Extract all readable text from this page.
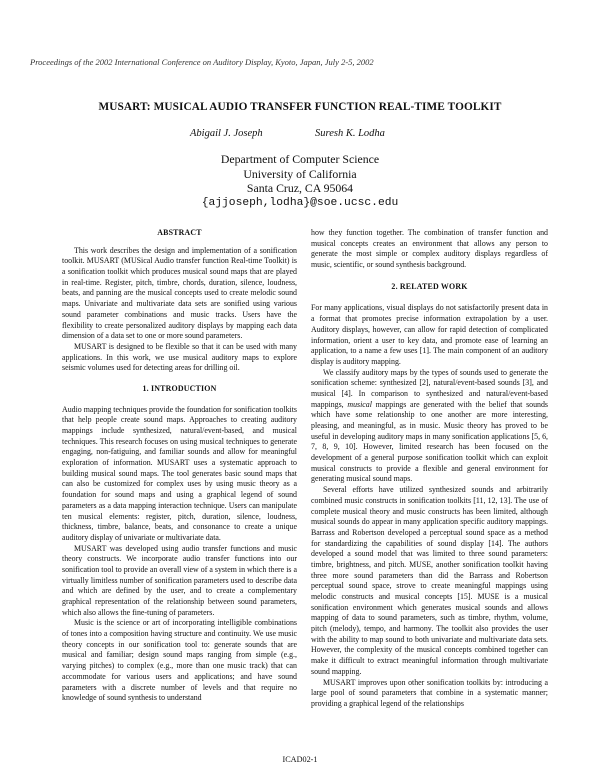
Proceedings of the 2002 International Conference on Auditory Display, Kyoto, Japan, July 2-5, 2002
MUSART: MUSICAL AUDIO TRANSFER FUNCTION REAL-TIME TOOLKIT
Abigail J. Joseph	Suresh K. Lodha
Department of Computer Science
University of California
Santa Cruz, CA 95064
{ajjoseph,lodha}@soe.ucsc.edu
ABSTRACT

This work describes the design and implementation of a sonification toolkit. MUSART (MUSical Audio transfer function Real-time Toolkit) is a sonification toolkit which produces musical sound maps that are played in real-time. Register, pitch, timbre, chords, duration, silence, loudness, beats, and panning are the musical concepts used to create melodic sound maps. Univariate and multivariate data sets are sonified using various sound parameter combinations and music tracks. Users have the flexibility to create personalized auditory displays by mapping each data dimension of a data set to one or more sound parameters.

MUSART is designed to be flexible so that it can be used with many applications. In this work, we use musical auditory maps to explore seismic volumes used for detecting areas for drilling oil.

1. INTRODUCTION

Audio mapping techniques provide the foundation for sonification toolkits that help people create sound maps. Approaches to creating auditory mappings include synthesized, natural/event-based, and musical techniques. This research focuses on using musical techniques to generate engaging, non-fatiguing, and familiar sounds and allow for meaningful exploration of information. MUSART uses a systematic approach to building musical sound maps. The tool generates basic sound maps that can also be customized for complex uses by using music theory as a foundation for sound maps and using a graphical legend of sound parameters as a data mapping interaction technique. Users can manipulate ten musical elements: register, pitch, duration, silence, loudness, thickness, timbre, balance, beats, and consonance to create a unique auditory display of univariate or multivariate data.

MUSART was developed using audio transfer functions and music theory constructs. We incorporate audio transfer functions into our sonification tool to provide an overall view of a system in which there is a virtually limitless number of sonification parameters used to describe data and which are defined by the user, and to create a complementary graphical representation of the relationship between sound parameters, which also allows the fine-tuning of parameters.

Music is the science or art of incorporating intelligible combinations of tones into a composition having structure and continuity. We use music theory concepts in our sonification tool to: generate sounds that are musical and familiar; design sound maps ranging from simple (e.g., varying pitches) to complex (e.g., more than one music track) that can accommodate for various users and applications; and have sound parameters with a discrete number of levels and that require no knowledge of sound synthesis to understand

how they function together. The combination of transfer function and musical concepts creates an environment that allows any person to generate the most simple or complex auditory displays regardless of music, scientific, or sound synthesis background.

2. RELATED WORK

For many applications, visual displays do not satisfactorily present data in a format that promotes precise information extrapolation by a user. Auditory displays, however, can allow for rapid detection of complicated information, orient a user to key data, and promote ease of learning an application, to a name a few uses [1]. The main component of an auditory display is auditory mapping.

We classify auditory maps by the types of sounds used to generate the sonification scheme: synthesized [2], natural/event-based sounds [3], and musical [4]. In comparison to synthesized and natural/event-based mappings, musical mappings are generated with the belief that sounds which have some relationship to one another are more interesting, pleasing, and meaningful, as in music. Music theory has proved to be useful in developing auditory maps in many sonification applications [5, 6, 7, 8, 9, 10]. However, limited research has been focused on the development of a general purpose sonification toolkit which can exploit musical constructs to provide a flexible and general environment for generating musical sound maps.

Several efforts have utilized synthesized sounds and arbitrarily combined music constructs in sonification toolkits [11, 12, 13]. The use of complete musical theory and music constructs has been limited, although musical sounds do appear in many application specific auditory mappings. Barrass and Robertson developed a perceptual sound space as a method for standardizing the capabilities of sound display [14]. The authors developed a sound model that was limited to three sound parameters: timbre, brightness, and pitch. MUSE, another sonification toolkit having three more sound parameters than did the Barrass and Robertson perceptual sound space, strove to create meaningful mappings using melodic constructs and musical concepts [15]. MUSE is a musical sonification environment which generates musical sounds and allows mapping of data to sound parameters, such as timbre, rhythm, volume, pitch (melody), tempo, and harmony. The toolkit also provides the user with the ability to map sound to both univariate and multivariate data sets. However, the complexity of the musical concepts combined together can make it difficult to extract meaningful information through multivariate sound mapping.

MUSART improves upon other sonification toolkits by: introducing a large pool of sound parameters that combine in a systematic manner; providing a graphical legend of the relationships

ICAD02-1
